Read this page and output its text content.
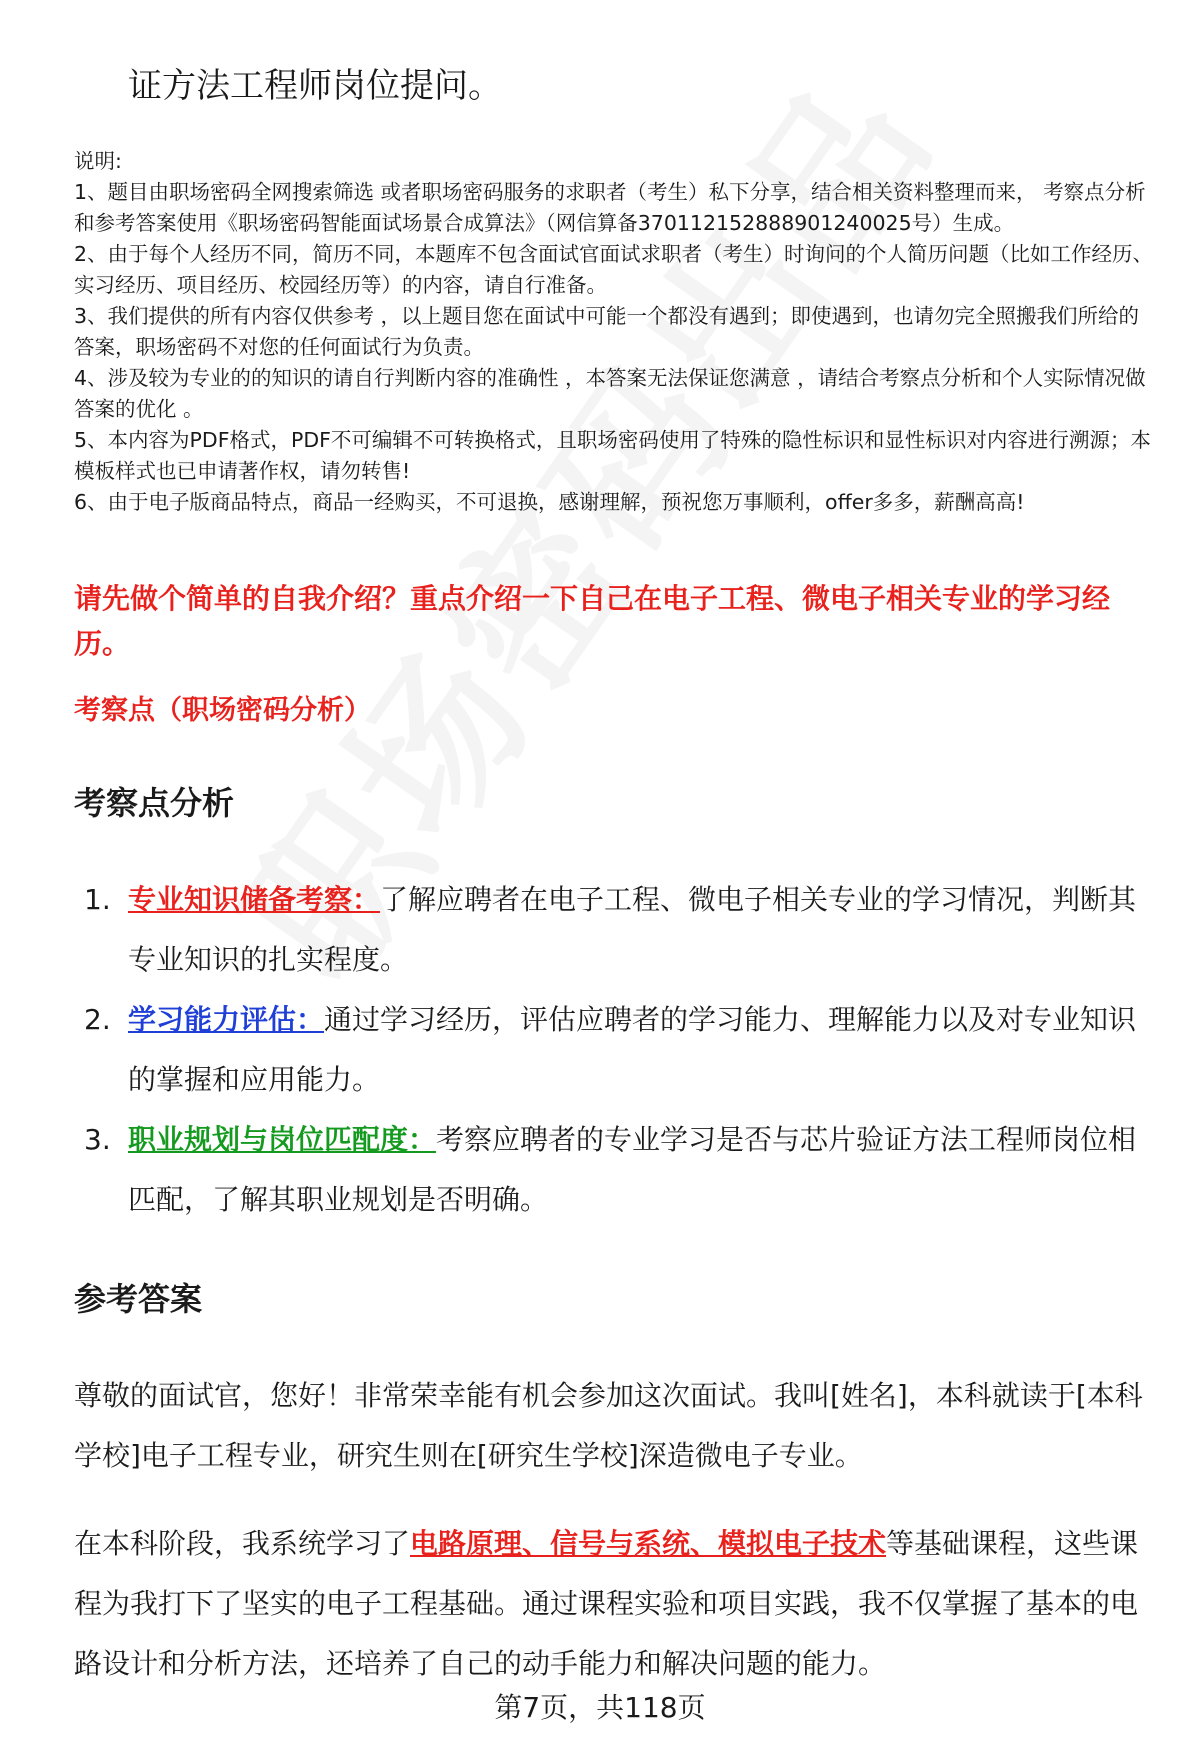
证方法工程师岗位提问。

说明:

1、题目由职场密码全网搜索筛选 或者职场密码服务的求职者（考生）私下分享，结合相关资料整理而来， 考察点分析和参考答案使用《职场密码智能面试场景合成算法》（网信算备370112152888901240025号）生成。

2、由于每个人经历不同，简历不同，本题库不包含面试官面试求职者（考生）时询问的个人简历问题（比如工作经历、实习经历、项目经历、校园经历等）的内容，请自行准备。

3、我们提供的所有内容仅供参考 ，以上题目您在面试中可能一个都没有遇到；即使遇到，也请勿完全照搬我们所给的答案，职场密码不对您的任何面试行为负责。

4、涉及较为专业的的知识的请自行判断内容的准确性 ，本答案无法保证您满意 ，请结合考察点分析和个人实际情况做答案的优化 。

5、本内容为PDF格式，PDF不可编辑不可转换格式，且职场密码使用了特殊的隐性标识和显性标识对内容进行溯源；本模板样式也已申请著作权，请勿转售!

6、由于电子版商品特点，商品一经购买，不可退换，感谢理解，预祝您万事顺利，offer多多，薪酬高高!

请先做个简单的自我介绍？重点介绍一下自己在电子工程、微电子相关专业的学习经历。
考察点（职场密码分析）
考察点分析
1. 专业知识储备考察：了解应聘者在电子工程、微电子相关专业的学习情况，判断其专业知识的扎实程度。
2. 学习能力评估：通过学习经历，评估应聘者的学习能力、理解能力以及对专业知识的掌握和应用能力。
3. 职业规划与岗位匹配度：考察应聘者的专业学习是否与芯片验证方法工程师岗位相匹配，了解其职业规划是否明确。
参考答案

尊敬的面试官，您好！非常荣幸能有机会参加这次面试。我叫[姓名]，本科就读于[本科学校]电子工程专业，研究生则在[研究生学校]深造微电子专业。

在本科阶段，我系统学习了电路原理、信号与系统、模拟电子技术等基础课程，这些课程为我打下了坚实的电子工程基础。通过课程实验和项目实践，我不仅掌握了基本的电路设计和分析方法，还培养了自己的动手能力和解决问题的能力。

第7页，共118页
